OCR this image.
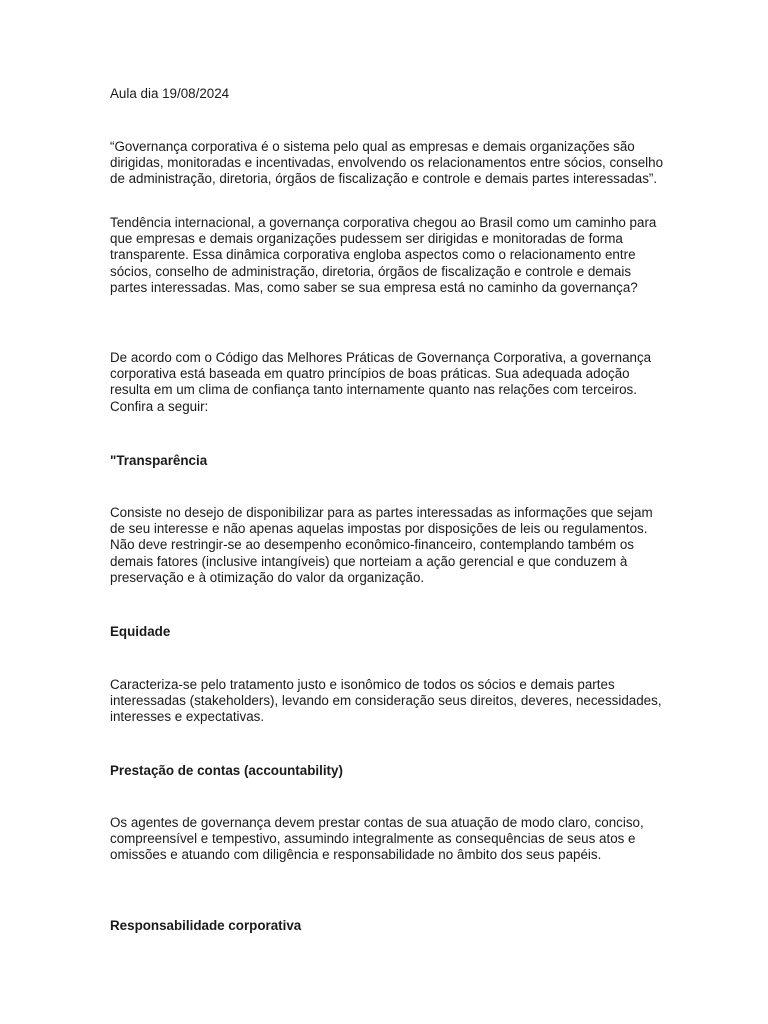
Aula dia 19/08/2024

“Governança corporativa é o sistema pelo qual as empresas e demais organizações são dirigidas, monitoradas e incentivadas, envolvendo os relacionamentos entre sócios, conselho de administração, diretoria, órgãos de fiscalização e controle e demais partes interessadas”.

Tendência internacional, a governança corporativa chegou ao Brasil como um caminho para que empresas e demais organizações pudessem ser dirigidas e monitoradas de forma transparente. Essa dinâmica corporativa engloba aspectos como o relacionamento entre sócios, conselho de administração, diretoria, órgãos de fiscalização e controle e demais partes interessadas. Mas, como saber se sua empresa está no caminho da governança?

De acordo com o Código das Melhores Práticas de Governança Corporativa, a governança corporativa está baseada em quatro princípios de boas práticas. Sua adequada adoção resulta em um clima de confiança tanto internamente quanto nas relações com terceiros. Confira a seguir:

"Transparência

Consiste no desejo de disponibilizar para as partes interessadas as informações que sejam de seu interesse e não apenas aquelas impostas por disposições de leis ou regulamentos. Não deve restringir-se ao desempenho econômico-financeiro, contemplando também os demais fatores (inclusive intangíveis) que norteiam a ação gerencial e que conduzem à preservação e à otimização do valor da organização.

Equidade

Caracteriza-se pelo tratamento justo e isonômico de todos os sócios e demais partes interessadas (stakeholders), levando em consideração seus direitos, deveres, necessidades, interesses e expectativas.

Prestação de contas (accountability)

Os agentes de governança devem prestar contas de sua atuação de modo claro, conciso, compreensível e tempestivo, assumindo integralmente as consequências de seus atos e omissões e atuando com diligência e responsabilidade no âmbito dos seus papéis.

Responsabilidade corporativa
